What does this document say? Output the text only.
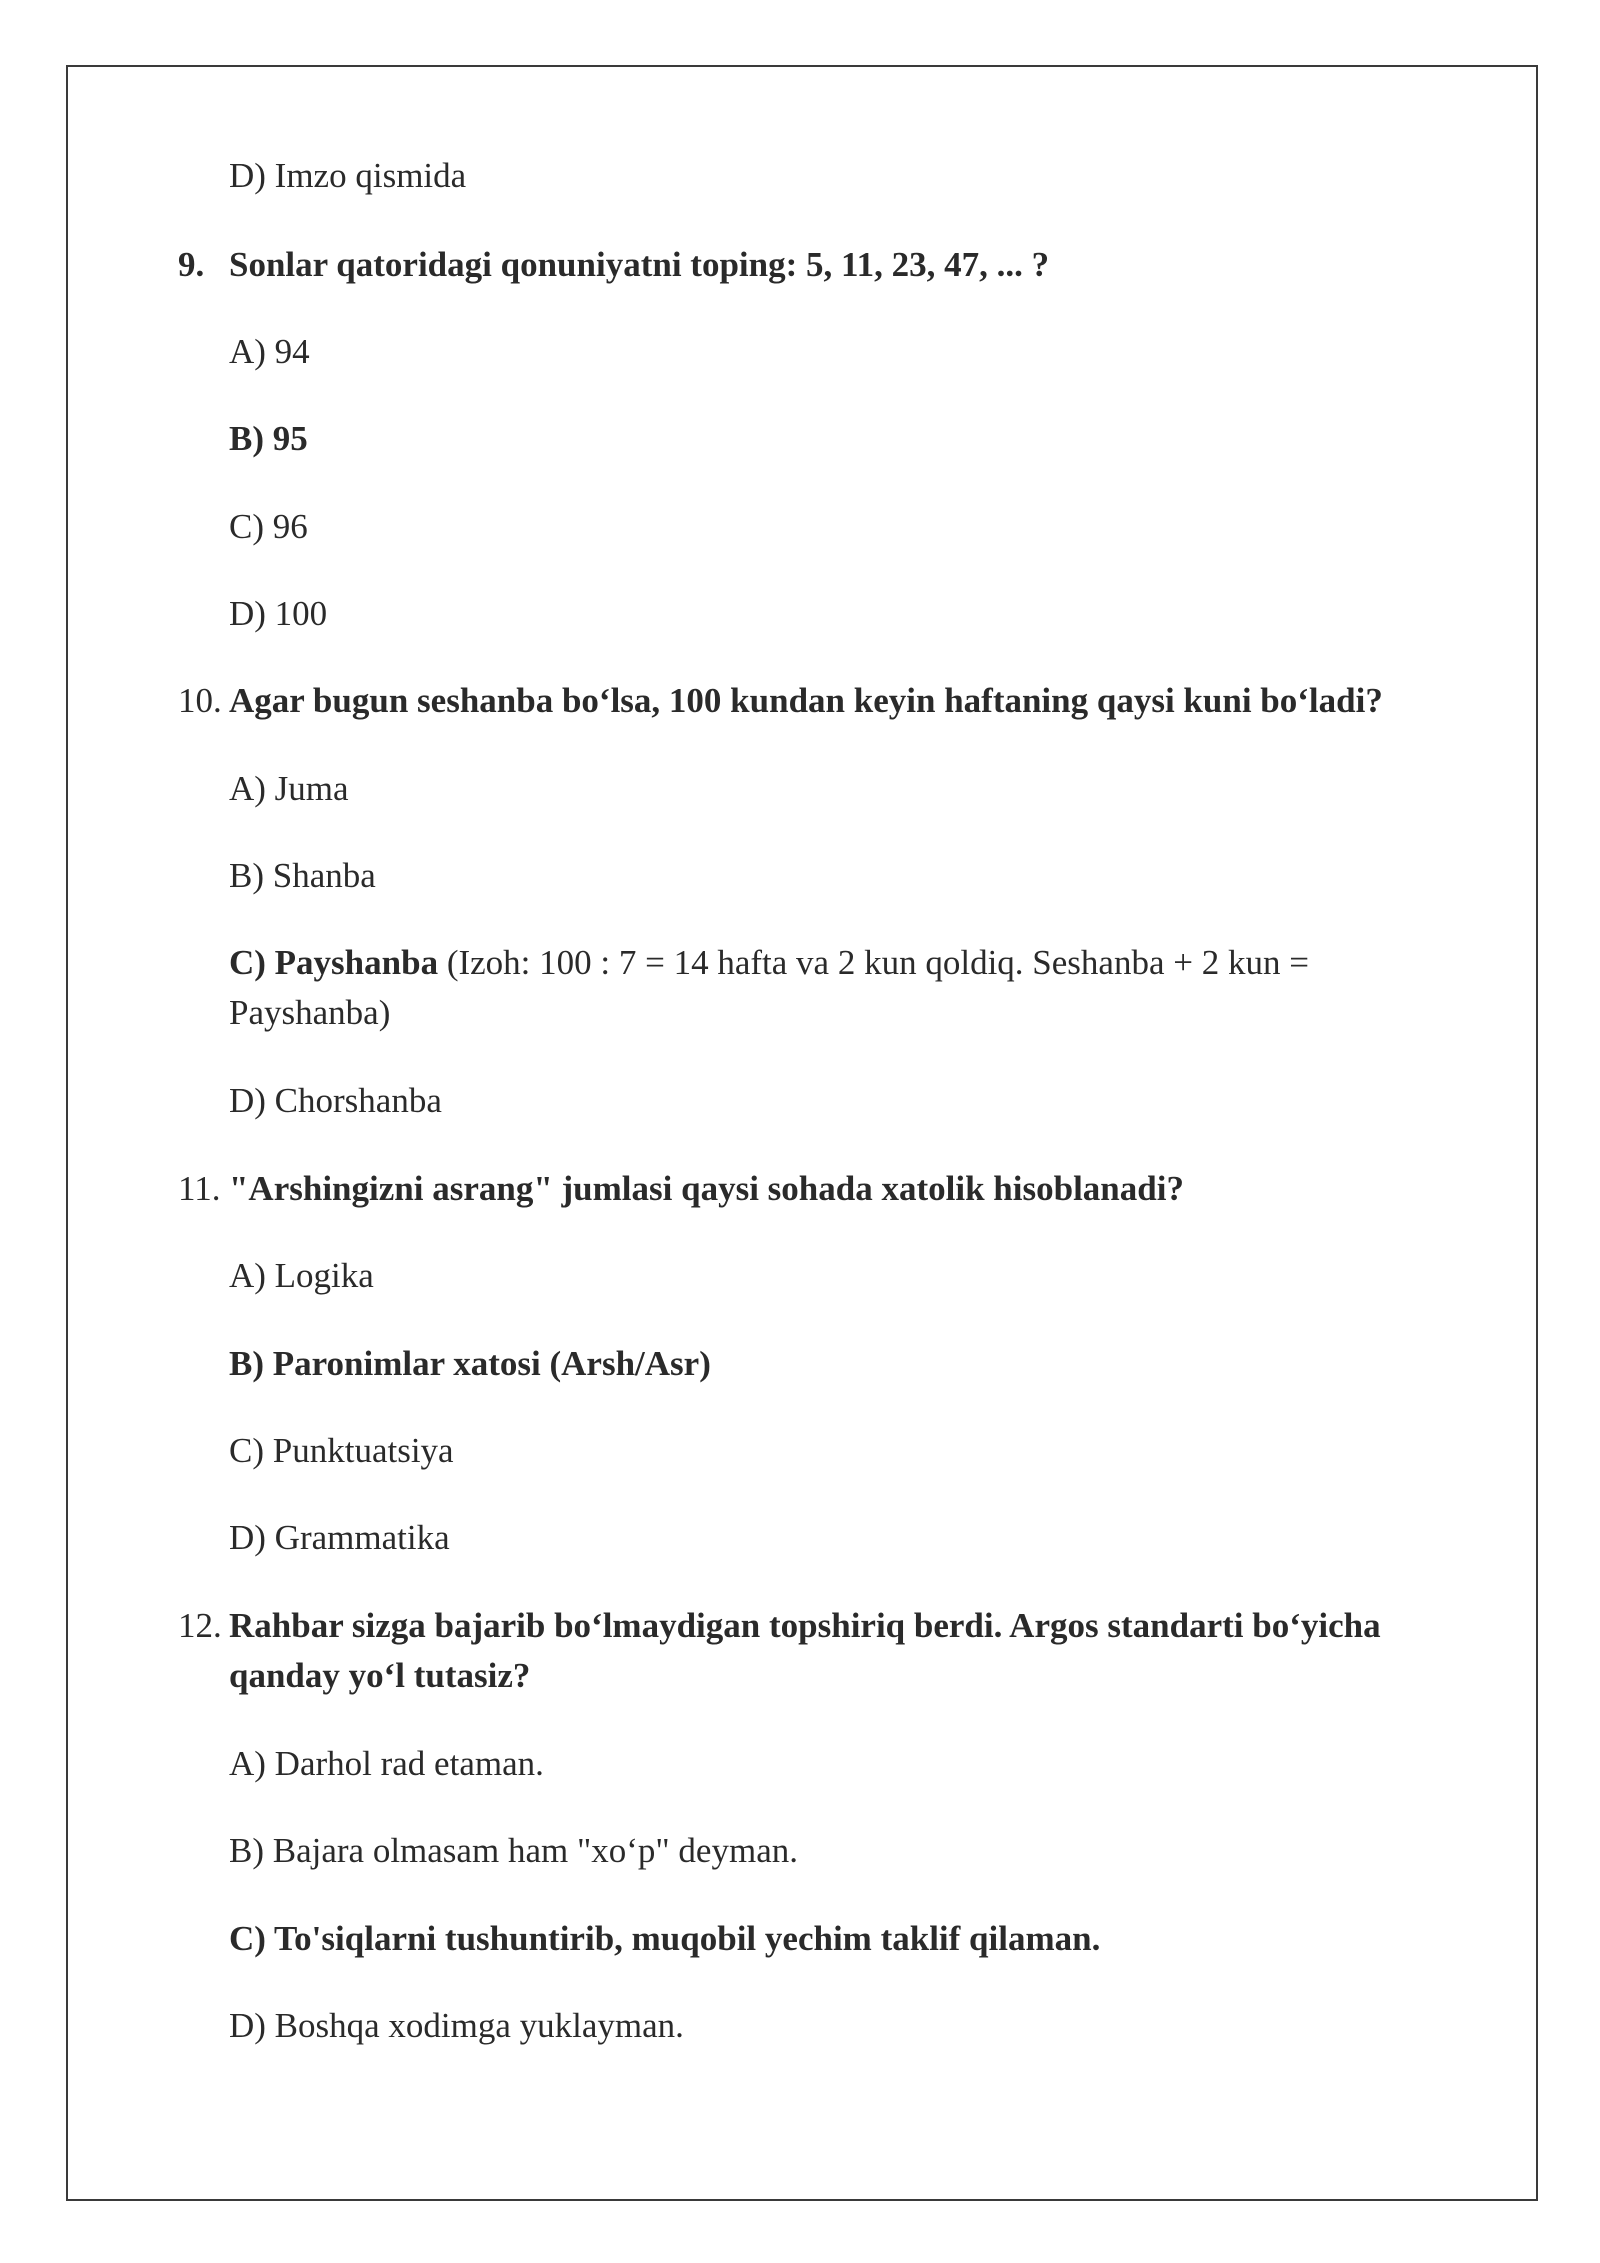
D) Imzo qismida
9. Sonlar qatoridagi qonuniyatni toping: 5, 11, 23, 47, ... ?
A) 94
B) 95
C) 96
D) 100
10. Agar bugun seshanba bo‘lsa, 100 kundan keyin haftaning qaysi kuni bo‘ladi?
A) Juma
B) Shanba
C) Payshanba (Izoh: 100 : 7 = 14 hafta va 2 kun qoldiq. Seshanba + 2 kun = Payshanba)
D) Chorshanba
11. "Arshingizni asrang" jumlasi qaysi sohada xatolik hisoblanadi?
A) Logika
B) Paronimlar xatosi (Arsh/Asr)
C) Punktuatsiya
D) Grammatika
12. Rahbar sizga bajarib bo‘lmaydigan topshiriq berdi. Argos standarti bo‘yicha qanday yo‘l tutasiz?
A) Darhol rad etaman.
B) Bajara olmasam ham "xo‘p" deyman.
C) To'siqlarni tushuntirib, muqobil yechim taklif qilaman.
D) Boshqa xodimga yuklayman.
